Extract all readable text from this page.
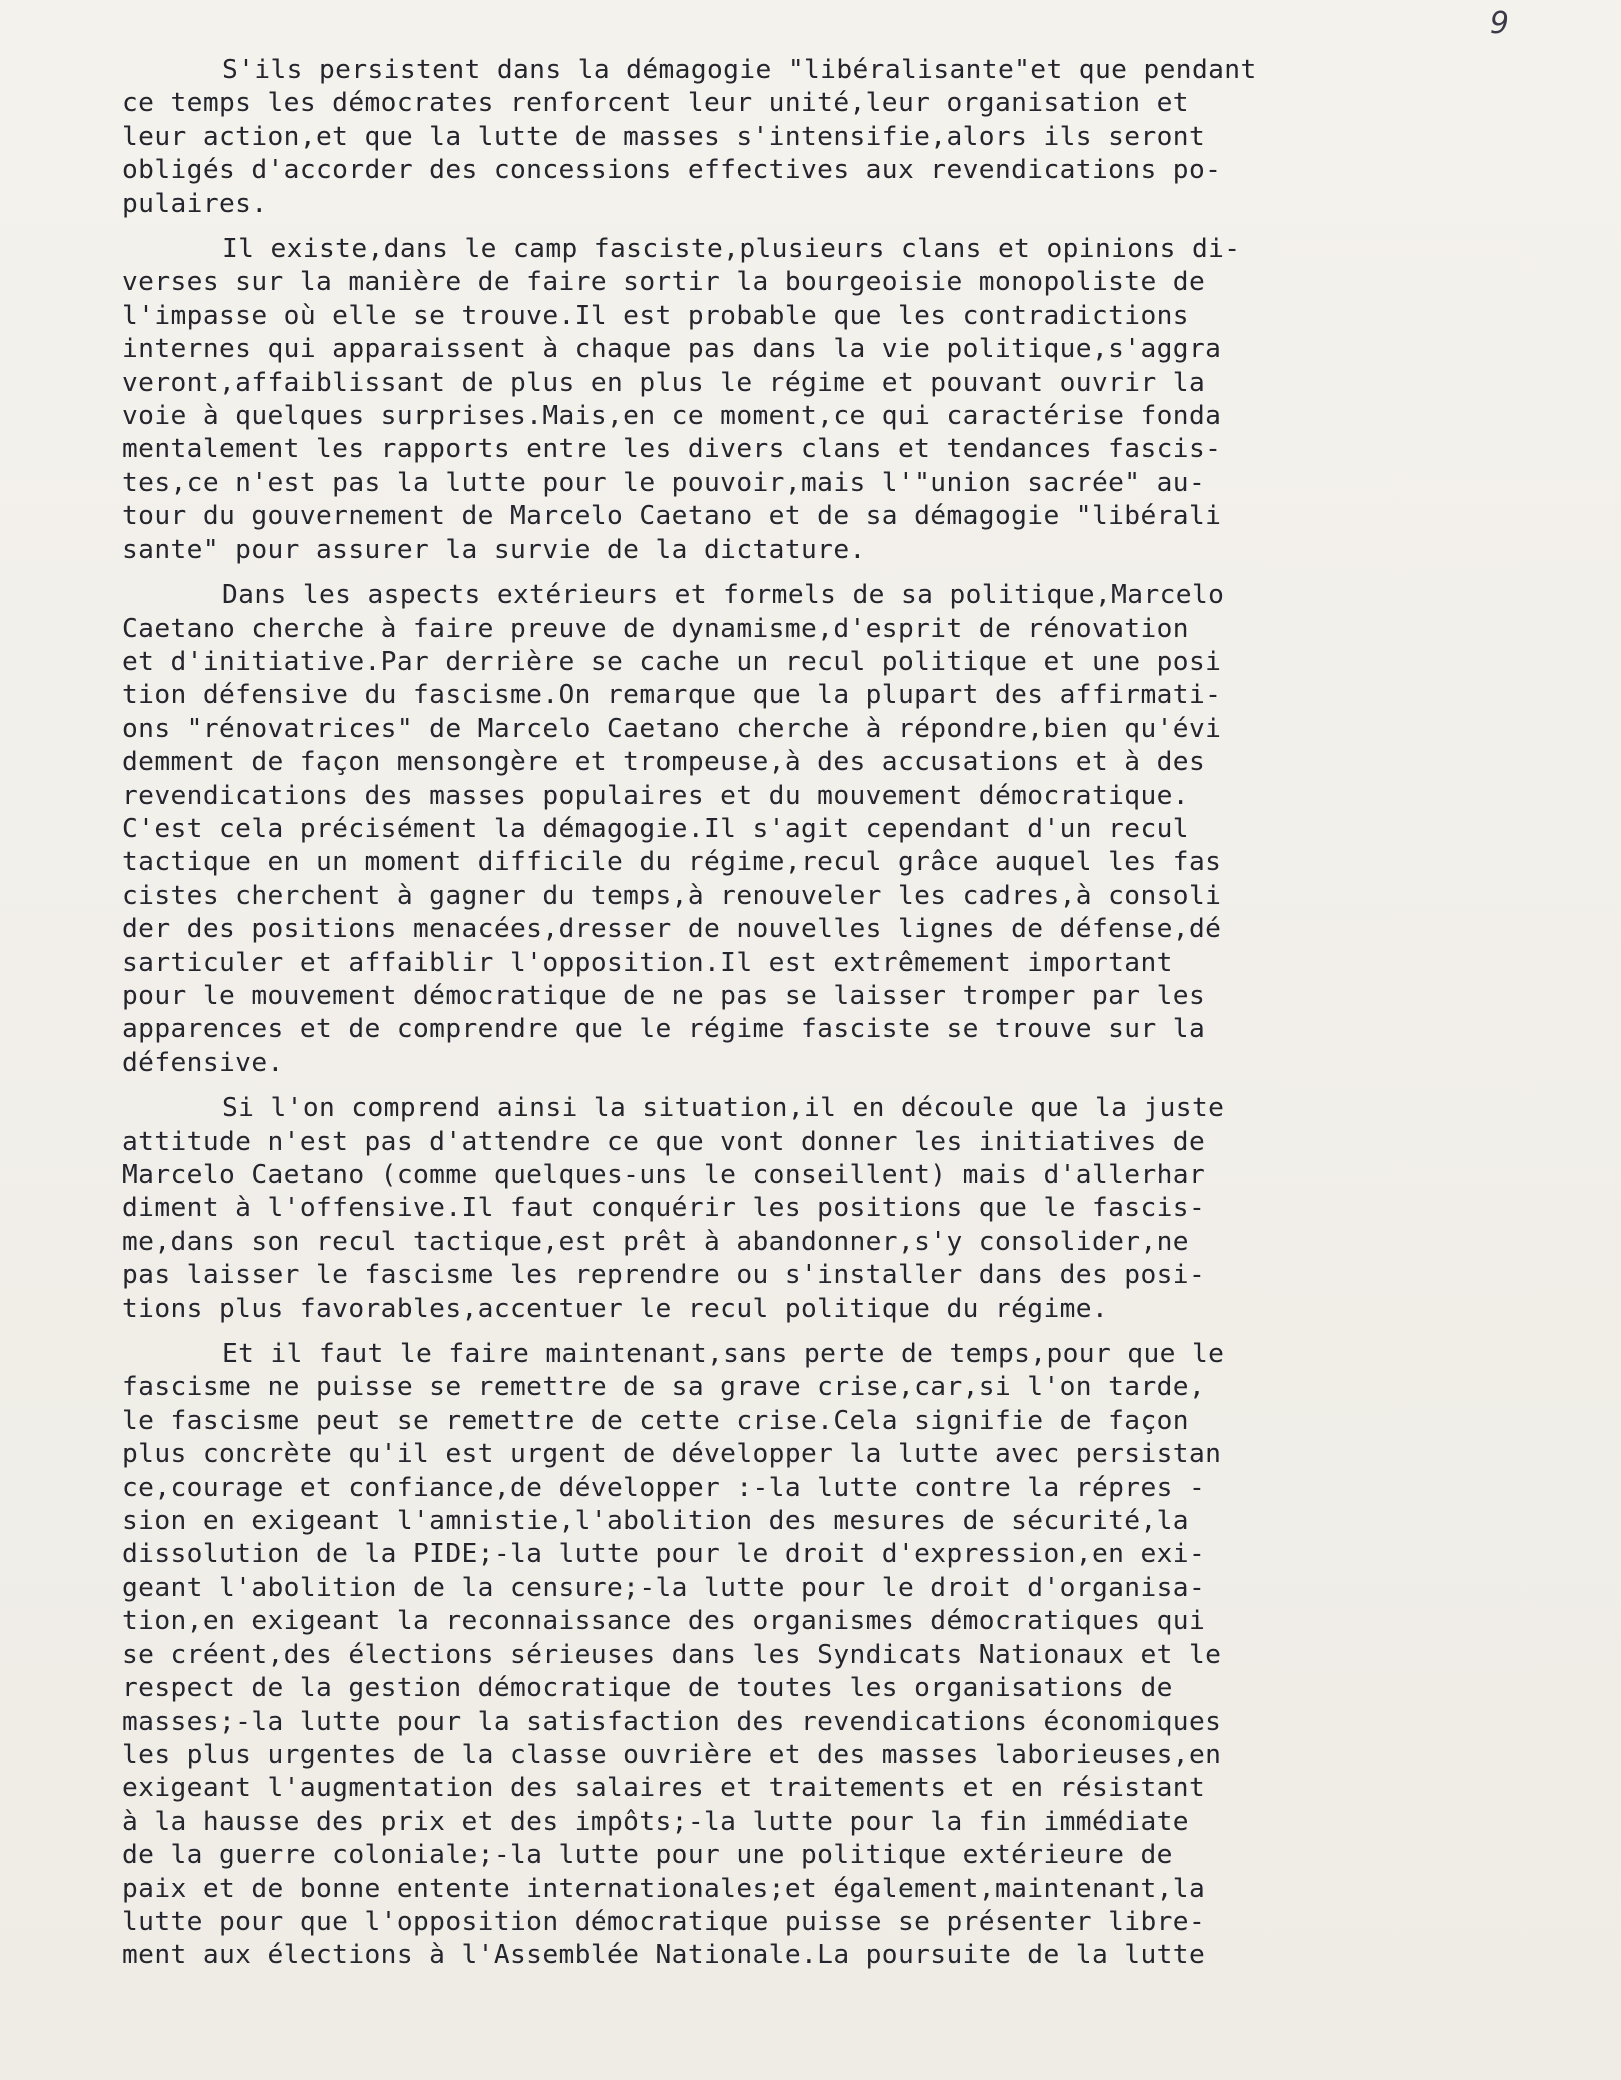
9

S'ils persistent dans la démagogie "libéralisante"et que pendant
ce temps les démocrates renforcent leur unité,leur organisation et
leur action,et que la lutte de masses s'intensifie,alors ils seront
obligés d'accorder des concessions effectives aux revendications po-
pulaires.

Il existe,dans le camp fasciste,plusieurs clans et opinions di-
verses sur la manière de faire sortir la bourgeoisie monopoliste de
l'impasse où elle se trouve.Il est probable que les contradictions
internes qui apparaissent à chaque pas dans la vie politique,s'aggra
veront,affaiblissant de plus en plus le régime et pouvant ouvrir la
voie à quelques surprises.Mais,en ce moment,ce qui caractérise fonda
mentalement les rapports entre les divers clans et tendances fascis-
tes,ce n'est pas la lutte pour le pouvoir,mais l'"union sacrée" au-
tour du gouvernement de Marcelo Caetano et de sa démagogie "libérali
sante" pour assurer la survie de la dictature.

Dans les aspects extérieurs et formels de sa politique,Marcelo
Caetano cherche à faire preuve de dynamisme,d'esprit de rénovation
et d'initiative.Par derrière se cache un recul politique et une posi
tion défensive du fascisme.On remarque que la plupart des affirmati-
ons "rénovatrices" de Marcelo Caetano cherche à répondre,bien qu'évi
demment de façon mensongère et trompeuse,à des accusations et à des
revendications des masses populaires et du mouvement démocratique.
C'est cela précisément la démagogie.Il s'agit cependant d'un recul
tactique en un moment difficile du régime,recul grâce auquel les fas
cistes cherchent à gagner du temps,à renouveler les cadres,à consoli
der des positions menacées,dresser de nouvelles lignes de défense,dé
sarticuler et affaiblir l'opposition.Il est extrêmement important
pour le mouvement démocratique de ne pas se laisser tromper par les
apparences et de comprendre que le régime fasciste se trouve sur la
défensive.

Si l'on comprend ainsi la situation,il en découle que la juste
attitude n'est pas d'attendre ce que vont donner les initiatives de
Marcelo Caetano (comme quelques-uns le conseillent) mais d'allerhar
diment à l'offensive.Il faut conquérir les positions que le fascis-
me,dans son recul tactique,est prêt à abandonner,s'y consolider,ne
pas laisser le fascisme les reprendre ou s'installer dans des posi-
tions plus favorables,accentuer le recul politique du régime.

Et il faut le faire maintenant,sans perte de temps,pour que le
fascisme ne puisse se remettre de sa grave crise,car,si l'on tarde,
le fascisme peut se remettre de cette crise.Cela signifie de façon
plus concrète qu'il est urgent de développer la lutte avec persistan
ce,courage et confiance,de développer :-la lutte contre la répres -
sion en exigeant l'amnistie,l'abolition des mesures de sécurité,la
dissolution de la PIDE;-la lutte pour le droit d'expression,en exi-
geant l'abolition de la censure;-la lutte pour le droit d'organisa-
tion,en exigeant la reconnaissance des organismes démocratiques qui
se créent,des élections sérieuses dans les Syndicats Nationaux et le
respect de la gestion démocratique de toutes les organisations de
masses;-la lutte pour la satisfaction des revendications économiques
les plus urgentes de la classe ouvrière et des masses laborieuses,en
exigeant l'augmentation des salaires et traitements et en résistant
à la hausse des prix et des impôts;-la lutte pour la fin immédiate
de la guerre coloniale;-la lutte pour une politique extérieure de
paix et de bonne entente internationales;et également,maintenant,la
lutte pour que l'opposition démocratique puisse se présenter libre-
ment aux élections à l'Assemblée Nationale.La poursuite de la lutte
